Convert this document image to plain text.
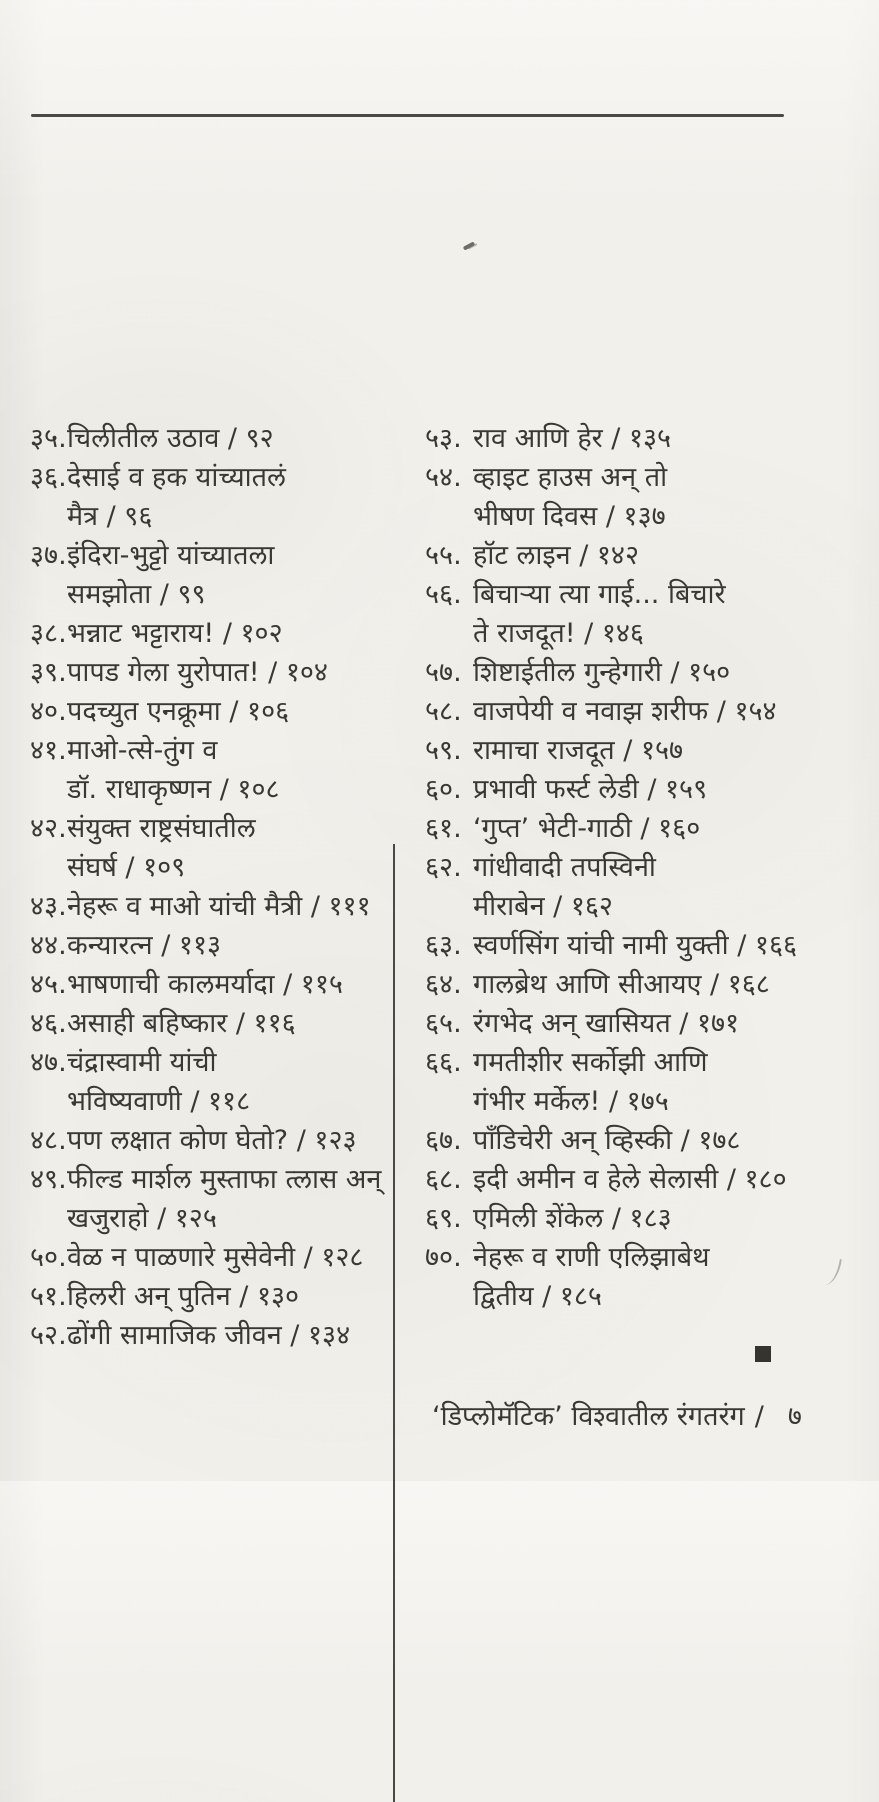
३५. चिलीतील उठाव / ९२
३६. देसाई व हक यांच्यातलं
मैत्र / ९६
३७. इंदिरा-भुट्टो यांच्यातला
समझोता / ९९
३८. भन्नाट भट्टाराय! / १०२
३९. पापड गेला युरोपात! / १०४
४०. पदच्युत एनक्रूमा / १०६
४१. माओ-त्से-तुंग व
डॉ. राधाकृष्णन / १०८
४२. संयुक्त राष्ट्रसंघातील
संघर्ष / १०९
४३. नेहरू व माओ यांची मैत्री / १११
४४. कन्यारत्न / ११३
४५. भाषणाची कालमर्यादा / ११५
४६. असाही बहिष्कार / ११६
४७. चंद्रास्वामी यांची
भविष्यवाणी / ११८
४८. पण लक्षात कोण घेतो? / १२३
४९. फील्ड मार्शल मुस्ताफा त्लास अन्
खजुराहो / १२५
५०. वेळ न पाळणारे मुसेवेनी / १२८
५१. हिलरी अन् पुतिन / १३०
५२. ढोंगी सामाजिक जीवन / १३४
५३. राव आणि हेर / १३५
५४. व्हाइट हाउस अन् तो
भीषण दिवस / १३७
५५. हॉट लाइन / १४२
५६. बिचाऱ्या त्या गाई... बिचारे
ते राजदूत! / १४६
५७. शिष्टाईतील गुन्हेगारी / १५०
५८. वाजपेयी व नवाझ शरीफ / १५४
५९. रामाचा राजदूत / १५७
६०. प्रभावी फर्स्ट लेडी / १५९
६१. ‘गुप्त’ भेटी-गाठी / १६०
६२. गांधीवादी तपस्विनी
मीराबेन / १६२
६३. स्वर्णसिंग यांची नामी युक्ती / १६६
६४. गालब्रेथ आणि सीआयए / १६८
६५. रंगभेद अन् खासियत / १७१
६६. गमतीशीर सर्कोझी आणि
गंभीर मर्केल! / १७५
६७. पाँडिचेरी अन् व्हिस्की / १७८
६८. इदी अमीन व हेले सेलासी / १८०
६९. एमिली शेंकेल / १८३
७०. नेहरू व राणी एलिझाबेथ
द्वितीय / १८५
‘डिप्लोमॅटिक’ विश्वातील रंगतरंग / ७
